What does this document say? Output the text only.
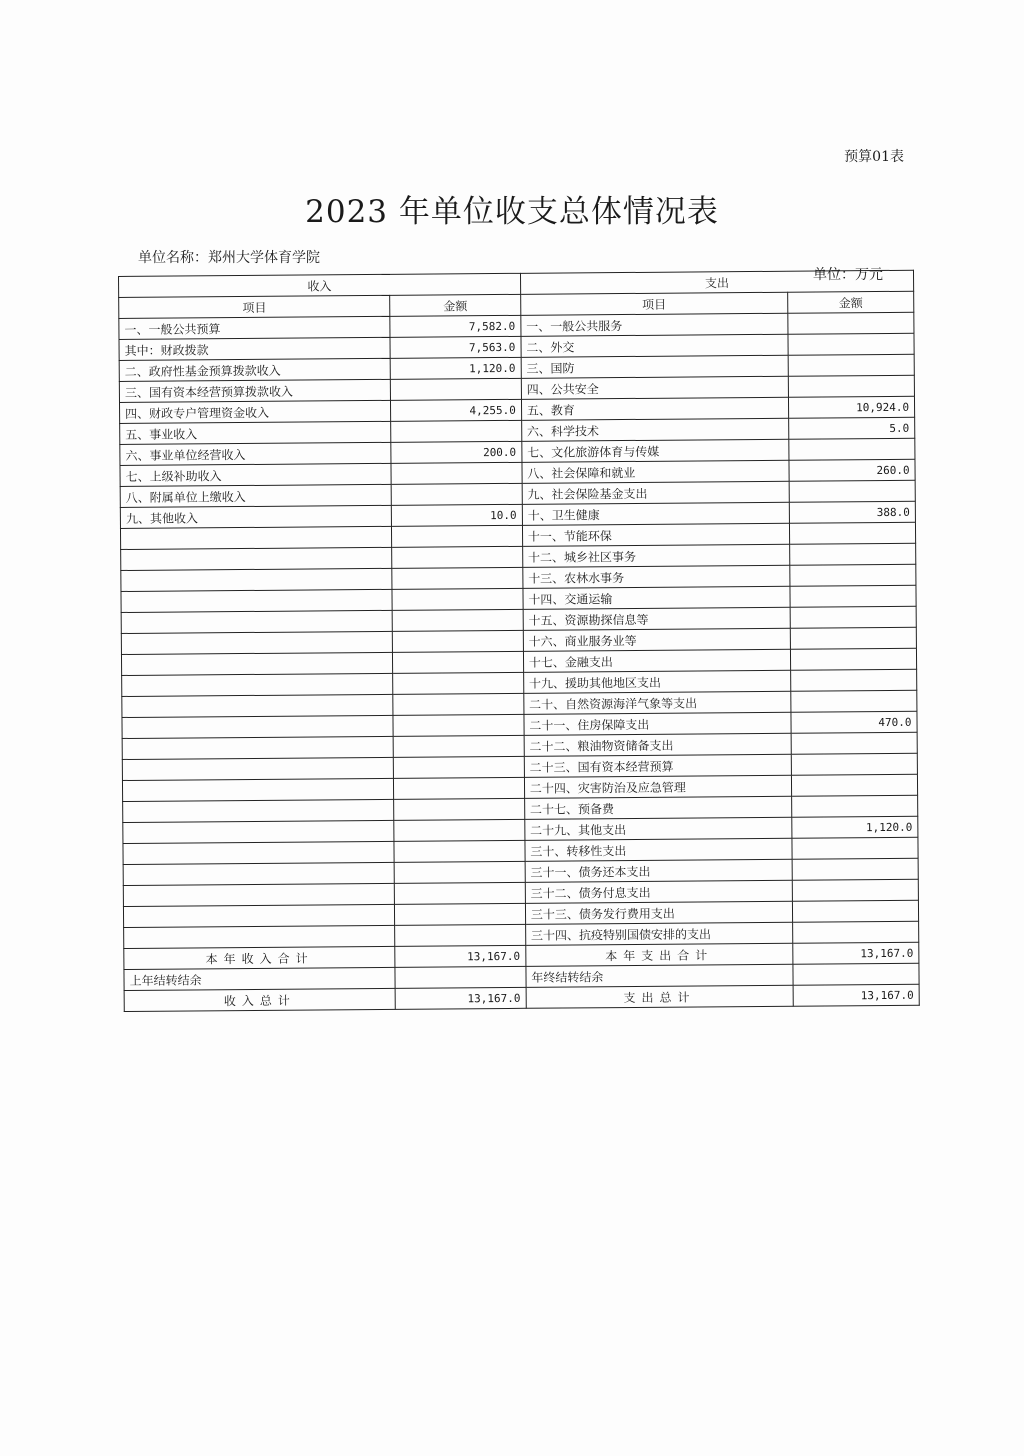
预算01表
2023 年单位收支总体情况表
单位名称：郑州大学体育学院
单位：万元
收入		支出	
项目	金额	项目	金额
一、一般公共预算	7,582.0	一、一般公共服务	
其中：财政拨款	7,563.0	二、外交	
二、政府性基金预算拨款收入	1,120.0	三、国防	
三、国有资本经营预算拨款收入		四、公共安全	
四、财政专户管理资金收入	4,255.0	五、教育	10,924.0
五、事业收入		六、科学技术	5.0
六、事业单位经营收入	200.0	七、文化旅游体育与传媒	
七、上级补助收入		八、社会保障和就业	260.0
八、附属单位上缴收入		九、社会保险基金支出	
九、其他收入	10.0	十、卫生健康	388.0
		十一、节能环保	
		十二、城乡社区事务	
		十三、农林水事务	
		十四、交通运输	
		十五、资源勘探信息等	
		十六、商业服务业等	
		十七、金融支出	
		十九、援助其他地区支出	
		二十、自然资源海洋气象等支出	
		二十一、住房保障支出	470.0
		二十二、粮油物资储备支出	
		二十三、国有资本经营预算	
		二十四、灾害防治及应急管理	
		二十七、预备费	
		二十九、其他支出	1,120.0
		三十、转移性支出	
		三十一、债务还本支出	
		三十二、债务付息支出	
		三十三、债务发行费用支出	
		三十四、抗疫特别国债安排的支出	
本年收入合计	13,167.0	本年支出合计	13,167.0
上年结转结余		年终结转结余	
收入总计	13,167.0	支出总计	13,167.0
